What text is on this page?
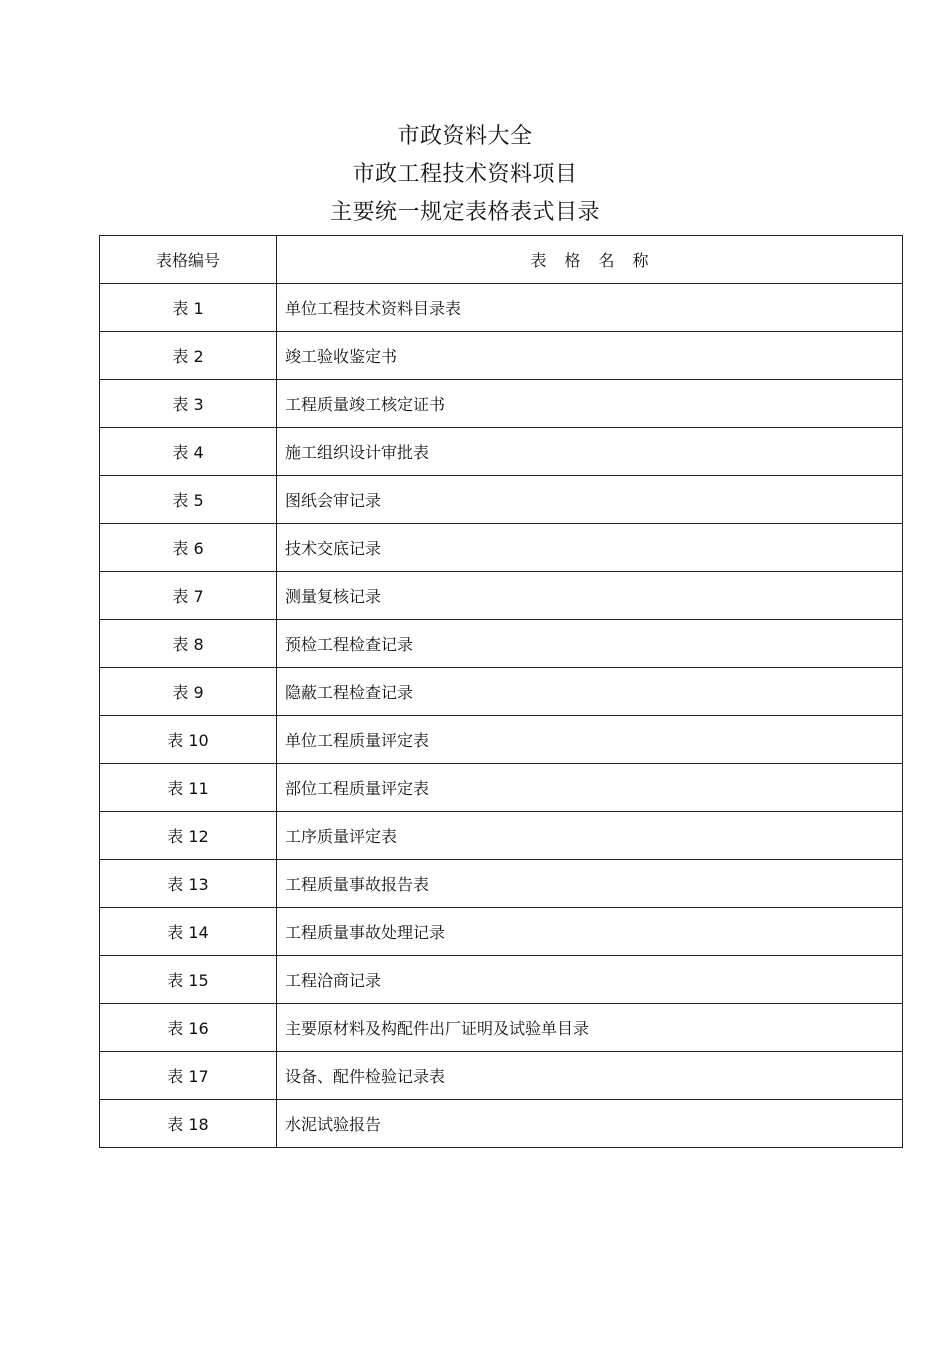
市政资料大全
市政工程技术资料项目
主要统一规定表格表式目录
表格编号	表格名称
表 1	单位工程技术资料目录表
表 2	竣工验收鉴定书
表 3	工程质量竣工核定证书
表 4	施工组织设计审批表
表 5	图纸会审记录
表 6	技术交底记录
表 7	测量复核记录
表 8	预检工程检查记录
表 9	隐蔽工程检查记录
表 10	单位工程质量评定表
表 11	部位工程质量评定表
表 12	工序质量评定表
表 13	工程质量事故报告表
表 14	工程质量事故处理记录
表 15	工程洽商记录
表 16	主要原材料及构配件出厂证明及试验单目录
表 17	设备、配件检验记录表
表 18	水泥试验报告
